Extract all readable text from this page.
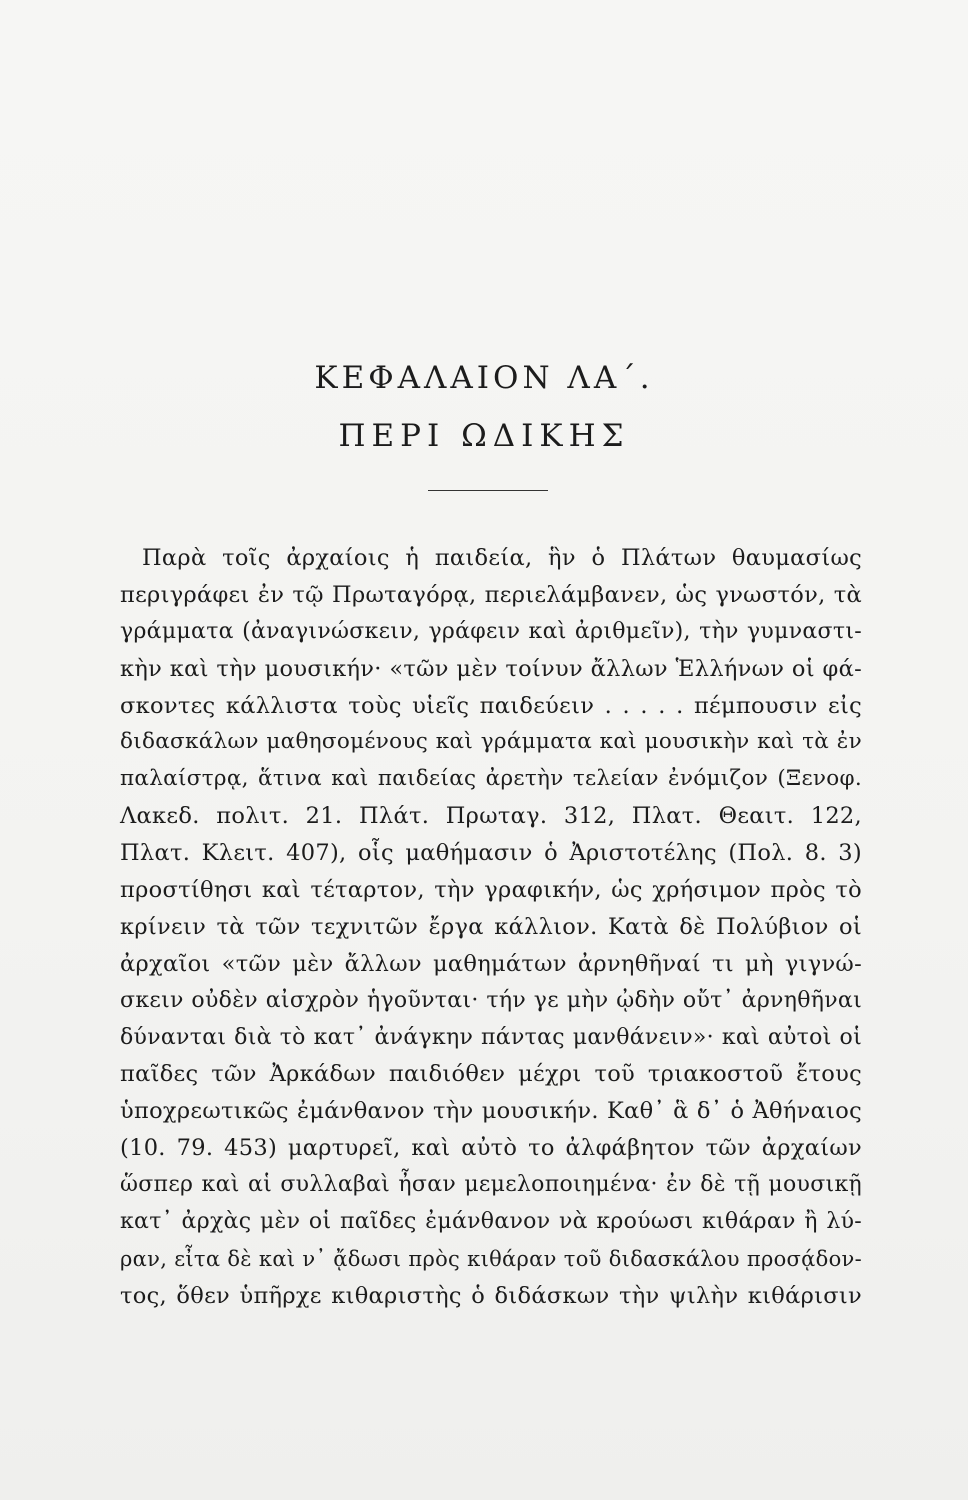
ΚΕΦΑΛΑΙΟΝ ΛΑ΄.
ΠΕΡΙ ΩΔΙΚΗΣ
Παρὰ τοῖς ἀρχαίοις ἡ παιδεία, ἣν ὁ Πλάτων θαυμασίως
περιγράφει ἐν τῷ Πρωταγόρᾳ, περιελάμβανεν, ὡς γνωστόν, τὰ
γράμματα (ἀναγινώσκειν, γράφειν καὶ ἀριθμεῖν), τὴν γυμναστι-
κὴν καὶ τὴν μουσικήν· «τῶν μὲν τοίνυν ἄλλων Ἑλλήνων οἱ φά-
σκοντες κάλλιστα τοὺς υἱεῖς παιδεύειν . . . . . πέμπουσιν εἰς
διδασκάλων μαθησομένους καὶ γράμματα καὶ μουσικὴν καὶ τὰ ἐν
παλαίστρᾳ, ἅτινα καὶ παιδείας ἀρετὴν τελείαν ἐνόμιζον (Ξενοφ.
Λακεδ. πολιτ. 21. Πλάτ. Πρωταγ. 312, Πλατ. Θεαιτ. 122,
Πλατ. Κλειτ. 407), οἷς μαθήμασιν ὁ Ἀριστοτέλης (Πολ. 8. 3)
προστίθησι καὶ τέταρτον, τὴν γραφικήν, ὡς χρήσιμον πρὸς τὸ
κρίνειν τὰ τῶν τεχνιτῶν ἔργα κάλλιον. Κατὰ δὲ Πολύβιον οἱ
ἀρχαῖοι «τῶν μὲν ἄλλων μαθημάτων ἀρνηθῆναί τι μὴ γιγνώ-
σκειν οὐδὲν αἰσχρὸν ἡγοῦνται· τήν γε μὴν ᾠδὴν οὔτ᾽ ἀρνηθῆναι
δύνανται διὰ τὸ κατ᾽ ἀνάγκην πάντας μανθάνειν»· καὶ αὐτοὶ οἱ
παῖδες τῶν Ἀρκάδων παιδιόθεν μέχρι τοῦ τριακοστοῦ ἔτους
ὑποχρεωτικῶς ἐμάνθανον τὴν μουσικήν. Καθ᾽ ἃ δ᾽ ὁ Ἀθήναιος
(10. 79. 453) μαρτυρεῖ, καὶ αὐτὸ το ἀλφάβητον τῶν ἀρχαίων
ὥσπερ καὶ αἱ συλλαβαὶ ἦσαν μεμελοποιημένα· ἐν δὲ τῇ μουσικῇ
κατ᾽ ἀρχὰς μὲν οἱ παῖδες ἐμάνθανον νὰ κρούωσι κιθάραν ἢ λύ-
ραν, εἶτα δὲ καὶ ν᾽ ᾄδωσι πρὸς κιθάραν τοῦ διδασκάλου προσᾴδον-
τος, ὅθεν ὑπῆρχε κιθαριστὴς ὁ διδάσκων τὴν ψιλὴν κιθάρισιν
